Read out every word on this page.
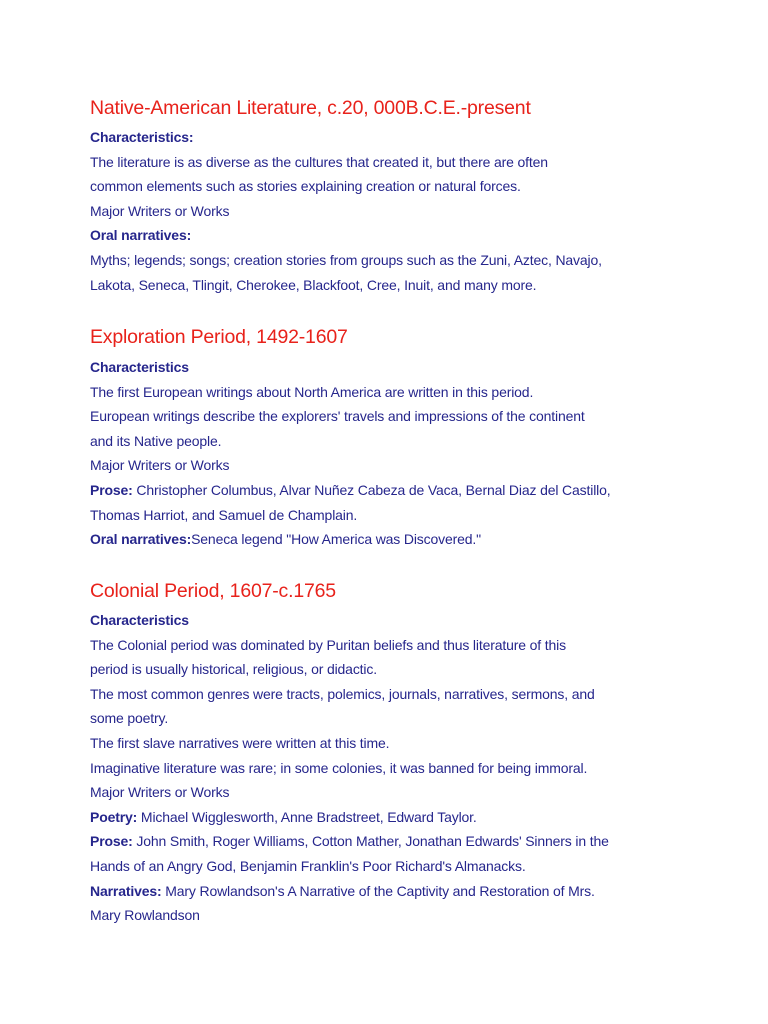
Native-American Literature, c.20, 000B.C.E.-present
Characteristics:
The literature is as diverse as the cultures that created it, but there are often
common elements such as stories explaining creation or natural forces.
Major Writers or Works
Oral narratives:
Myths; legends; songs; creation stories from groups such as the Zuni, Aztec, Navajo,
Lakota, Seneca, Tlingit, Cherokee, Blackfoot, Cree, Inuit, and many more.
Exploration Period, 1492-1607
Characteristics
The first European writings about North America are written in this period.
European writings describe the explorers' travels and impressions of the continent
and its Native people.
Major Writers or Works
Prose: Christopher Columbus, Alvar Nuñez Cabeza de Vaca, Bernal Diaz del Castillo,
Thomas Harriot, and Samuel de Champlain.
Oral narratives:Seneca legend "How America was Discovered."
Colonial Period, 1607-c.1765
Characteristics
The Colonial period was dominated by Puritan beliefs and thus literature of this
period is usually historical, religious, or didactic.
The most common genres were tracts, polemics, journals, narratives, sermons, and
some poetry.
The first slave narratives were written at this time.
Imaginative literature was rare; in some colonies, it was banned for being immoral.
Major Writers or Works
Poetry: Michael Wigglesworth, Anne Bradstreet, Edward Taylor.
Prose: John Smith, Roger Williams, Cotton Mather, Jonathan Edwards' Sinners in the
Hands of an Angry God, Benjamin Franklin's Poor Richard's Almanacks.
Narratives: Mary Rowlandson's A Narrative of the Captivity and Restoration of Mrs.
Mary Rowlandson
